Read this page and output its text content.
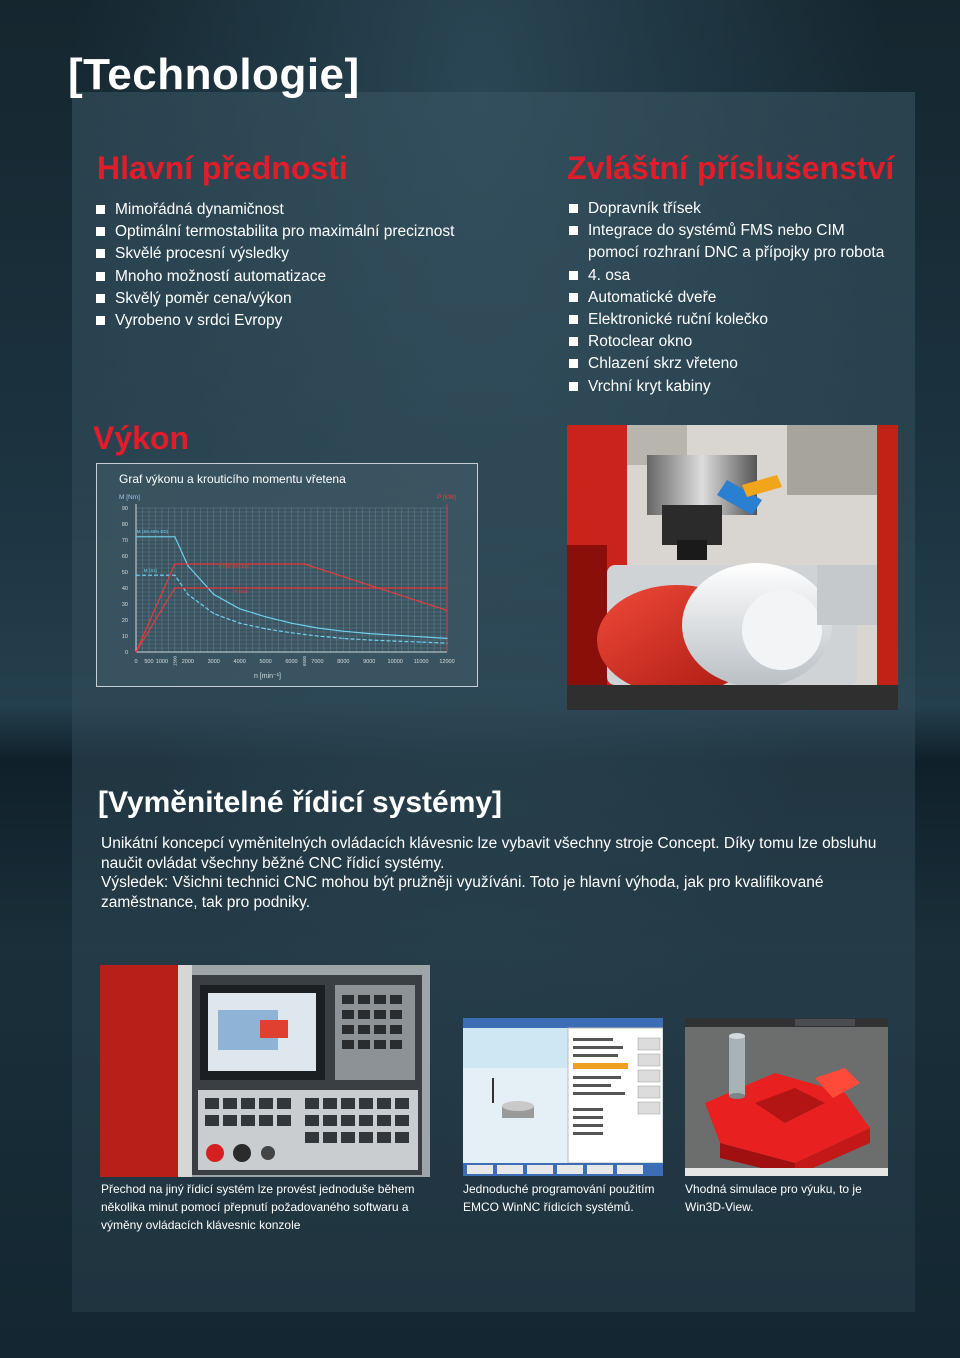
[Technologie]
Hlavní přednosti
Mimořádná dynamičnost
Optimální termostabilita pro maximální preciznost
Skvělé procesní výsledky
Mnoho možností automatizace
Skvělý poměr cena/výkon
Vyrobeno v srdci Evropy
Zvláštní příslušenství
Dopravník třísek
Integrace do systémů FMS nebo CIM
pomocí rozhraní DNC a přípojky pro robota
4. osa
Automatické dveře
Elektronické ruční kolečko
Rotoclear okno
Chlazení skrz vřeteno
Vrchní kryt kabiny
Výkon
Graf výkonu a krouticího momentu vřetena
0
10
20
30
40
50
60
70
80
90
0 500 1000 2000 3000 4000 5000 6000 7000 8000 9000 10000 11000 12000
1500	6500
M [Nm]	P [kW]
n [min⁻¹]
M (S6-40% ED)
M (S1)
P (S6-40% ED)
P (S1)
[Vyměnitelné řídicí systémy]

Unikátní koncepcí vyměnitelných ovládacích klávesnic lze vybavit všechny stroje Concept. Díky tomu lze obsluhu naučit ovládat všechny běžné CNC řídicí systémy.

Výsledek: Všichni technici CNC mohou být pružněji využíváni. Toto je hlavní výhoda, jak pro kvalifikované zaměstnance, tak pro podniky.

Přechod na jiný řídicí systém lze provést jednoduše během několika minut pomocí přepnutí požadovaného softwaru a výměny ovládacích klávesnic konzole

Jednoduché programování použitím EMCO WinNC řídicích systémů.

Vhodná simulace pro výuku, to je Win3D-View.
